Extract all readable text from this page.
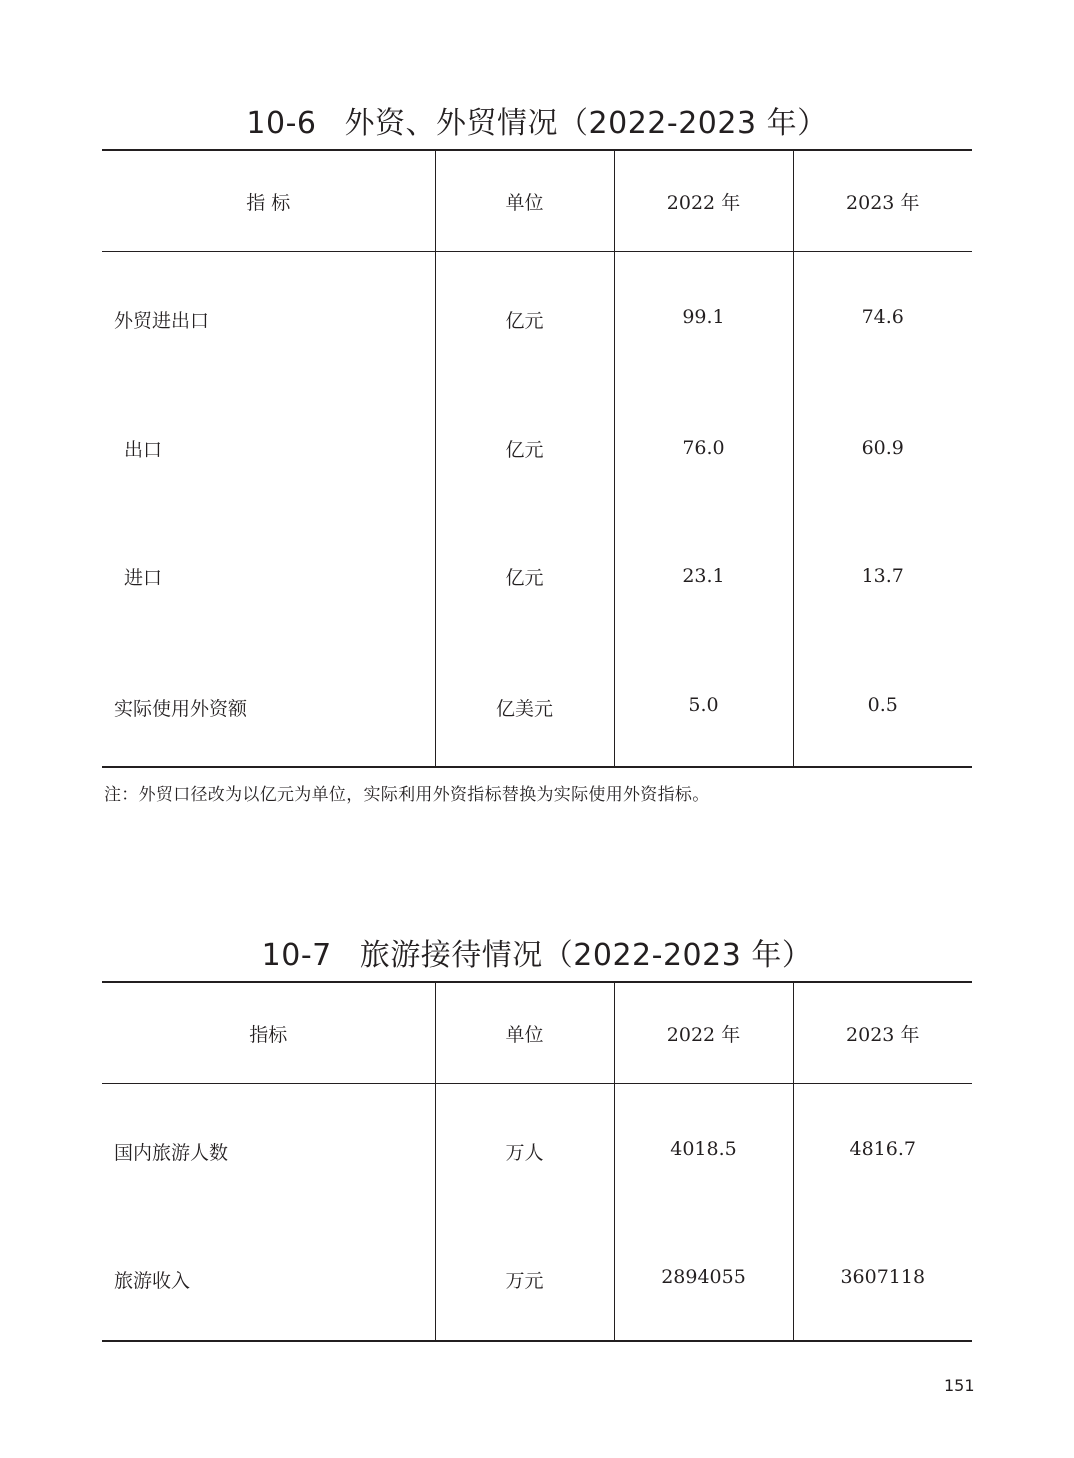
10-6 外资、外贸情况（2022-2023 年）
指 标	单位	2022 年	2023 年

外贸进出口	亿元	99.1	74.6

出口	亿元	76.0	60.9
进口	亿元	23.1	13.7

实际使用外资额	亿美元	5.0	0.5
注：外贸口径改为以亿元为单位，实际利用外资指标替换为实际使用外资指标。
10-7 旅游接待情况（2022-2023 年）
指标	单位	2022 年	2023 年

国内旅游人数	万人	4018.5	4816.7

旅游收入	万元	2894055	3607118
151
